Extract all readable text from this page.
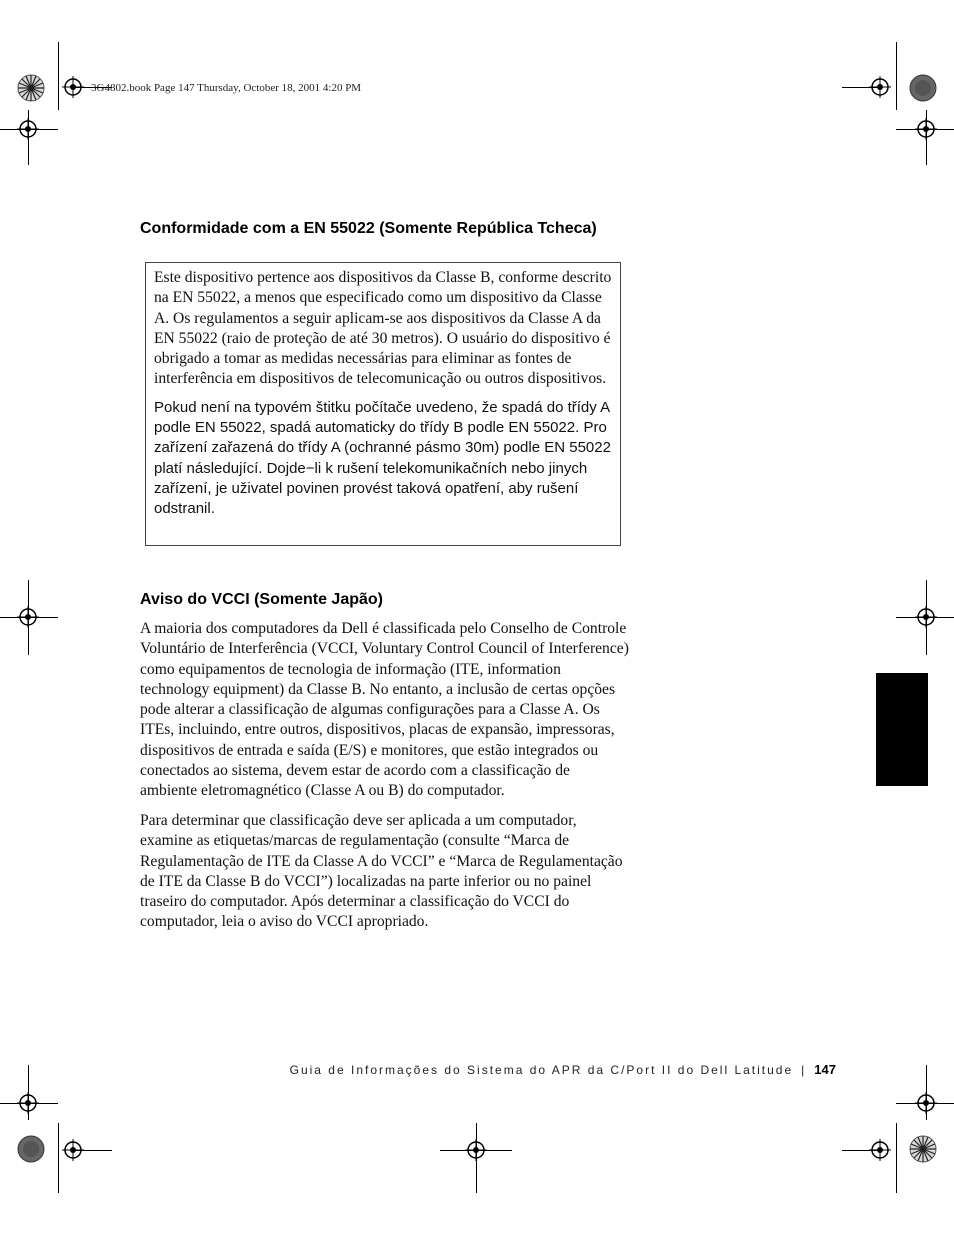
3G4802.book Page 147 Thursday, October 18, 2001 4:20 PM
Conformidade com a EN 55022 (Somente República Tcheca)

Este dispositivo pertence aos dispositivos da Classe B, conforme descrito na EN 55022, a menos que especificado como um dispositivo da Classe A. Os regulamentos a seguir aplicam-se aos dispositivos da Classe A da EN 55022 (raio de proteção de até 30 metros). O usuário do dispositivo é obrigado a tomar as medidas necessárias para eliminar as fontes de interferência em dispositivos de telecomunicação ou outros dispositivos.

Pokud není na typovém štitku počítače uvedeno, že spadá do třídy A podle EN 55022, spadá automaticky do třídy B podle EN 55022. Pro zařízení zařazená do třídy A (ochranné pásmo 30m) podle EN 55022 platí následující. Dojde−li k rušení telekomunikačních nebo jinych zařízení, je uživatel povinen provést taková opatření, aby rušení odstranil.

Aviso do VCCI (Somente Japão)

A maioria dos computadores da Dell é classificada pelo Conselho de Controle Voluntário de Interferência (VCCI, Voluntary Control Council of Interference) como equipamentos de tecnologia de informação (ITE, information technology equipment) da Classe B. No entanto, a inclusão de certas opções pode alterar a classificação de algumas configurações para a Classe A. Os ITEs, incluindo, entre outros, dispositivos, placas de expansão, impressoras, dispositivos de entrada e saída (E/S) e monitores, que estão integrados ou conectados ao sistema, devem estar de acordo com a classificação de ambiente eletromagnético (Classe A ou B) do computador.

Para determinar que classificação deve ser aplicada a um computador, examine as etiquetas/marcas de regulamentação (consulte “Marca de Regulamentação de ITE da Classe A do VCCI” e “Marca de Regulamentação de ITE da Classe B do VCCI”) localizadas na parte inferior ou no painel traseiro do computador. Após determinar a classificação do VCCI do computador, leia o aviso do VCCI apropriado.

Guia de Informações do Sistema do APR da C/Port II do Dell Latitude | 147
